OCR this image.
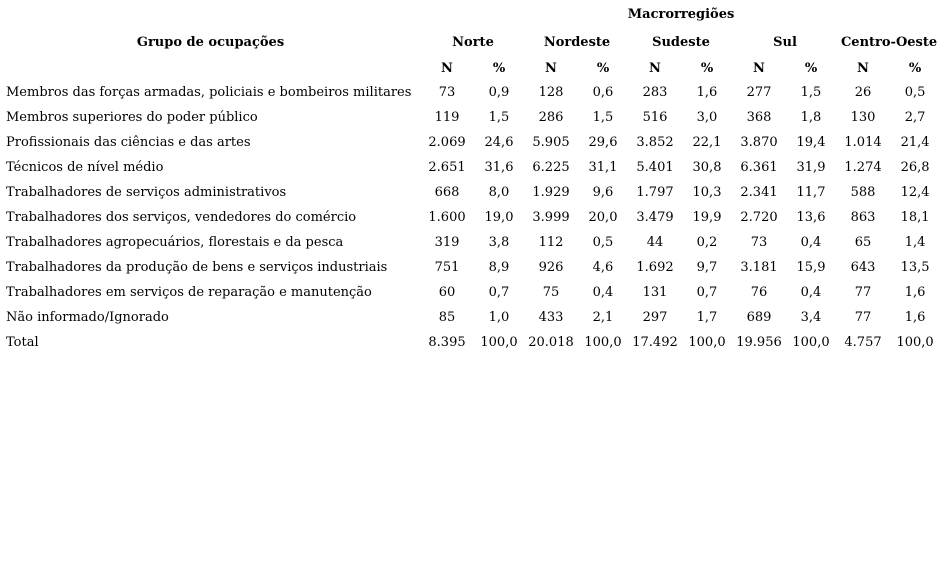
	Macrorregiões									
Grupo de ocupações	Norte		Nordeste		Sudeste		Sul		Centro-Oeste	
	N	%	N	%	N	%	N	%	N	%
Membros das forças armadas, policiais e bombeiros militares	73	0,9	128	0,6	283	1,6	277	1,5	26	0,5
Membros superiores do poder público	119	1,5	286	1,5	516	3,0	368	1,8	130	2,7
Profissionais das ciências e das artes	2.069	24,6	5.905	29,6	3.852	22,1	3.870	19,4	1.014	21,4
Técnicos de nível médio	2.651	31,6	6.225	31,1	5.401	30,8	6.361	31,9	1.274	26,8
Trabalhadores de serviços administrativos	668	8,0	1.929	9,6	1.797	10,3	2.341	11,7	588	12,4
Trabalhadores dos serviços, vendedores do comércio	1.600	19,0	3.999	20,0	3.479	19,9	2.720	13,6	863	18,1
Trabalhadores agropecuários, florestais e da pesca	319	3,8	112	0,5	44	0,2	73	0,4	65	1,4
Trabalhadores da produção de bens e serviços industriais	751	8,9	926	4,6	1.692	9,7	3.181	15,9	643	13,5
Trabalhadores em serviços de reparação e manutenção	60	0,7	75	0,4	131	0,7	76	0,4	77	1,6
Não informado/Ignorado	85	1,0	433	2,1	297	1,7	689	3,4	77	1,6
Total	8.395	100,0	20.018	100,0	17.492	100,0	19.956	100,0	4.757	100,0
